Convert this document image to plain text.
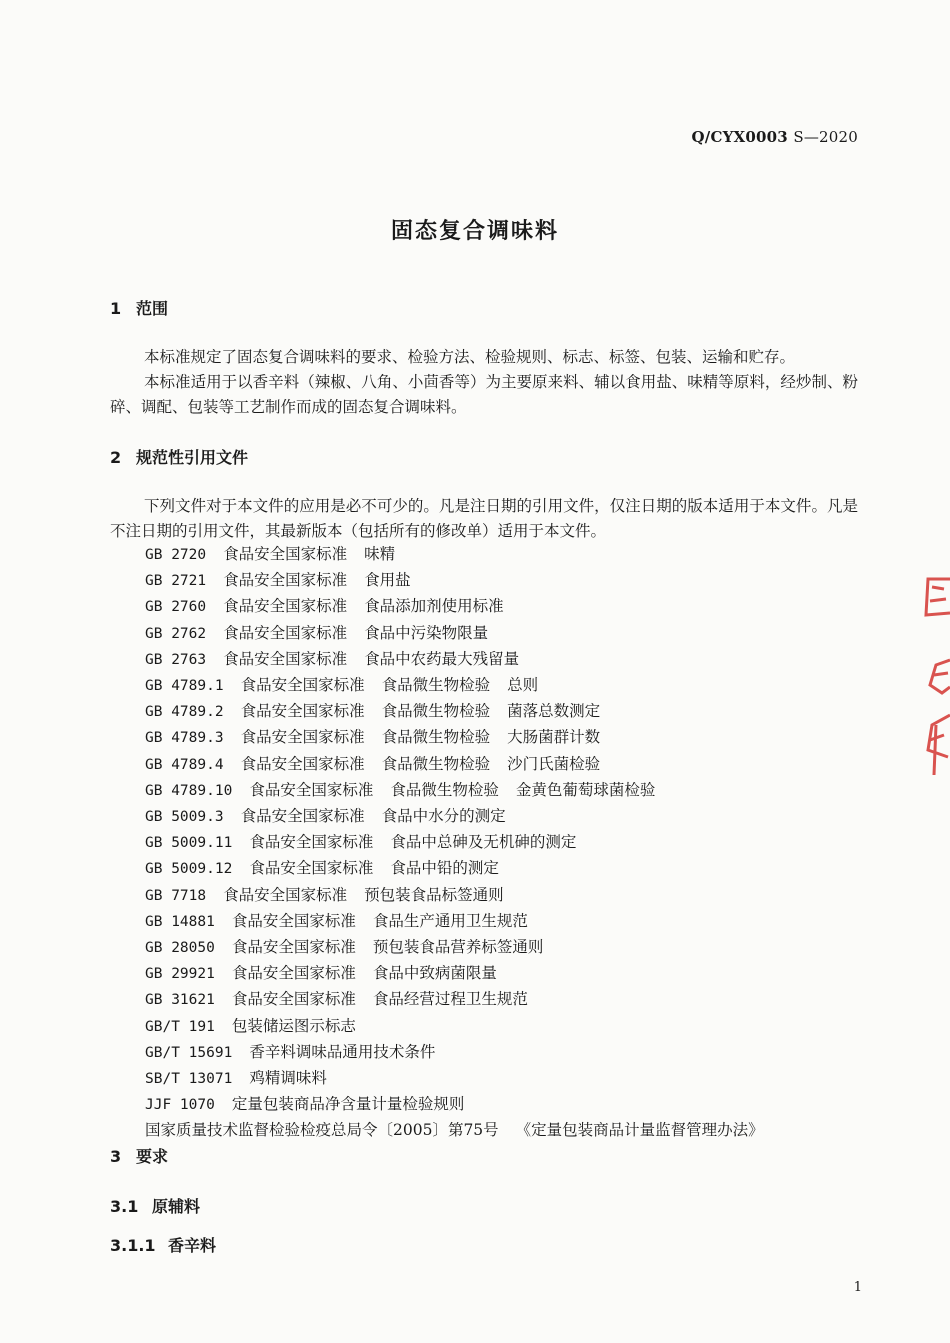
Q/CYX0003 S—2020
固态复合调味料
1 范围
本标准规定了固态复合调味料的要求、检验方法、检验规则、标志、标签、包装、运输和贮存。
本标准适用于以香辛料（辣椒、八角、小茴香等）为主要原来料、辅以食用盐、味精等原料，经炒制、粉碎、调配、包装等工艺制作而成的固态复合调味料。
2 规范性引用文件
下列文件对于本文件的应用是必不可少的。凡是注日期的引用文件，仅注日期的版本适用于本文件。凡是不注日期的引用文件，其最新版本（包括所有的修改单）适用于本文件。
GB 2720 食品安全国家标准 味精
GB 2721 食品安全国家标准 食用盐
GB 2760 食品安全国家标准 食品添加剂使用标准
GB 2762 食品安全国家标准 食品中污染物限量
GB 2763 食品安全国家标准 食品中农药最大残留量
GB 4789.1 食品安全国家标准 食品微生物检验 总则
GB 4789.2 食品安全国家标准 食品微生物检验 菌落总数测定
GB 4789.3 食品安全国家标准 食品微生物检验 大肠菌群计数
GB 4789.4 食品安全国家标准 食品微生物检验 沙门氏菌检验
GB 4789.10 食品安全国家标准 食品微生物检验 金黄色葡萄球菌检验
GB 5009.3 食品安全国家标准 食品中水分的测定
GB 5009.11 食品安全国家标准 食品中总砷及无机砷的测定
GB 5009.12 食品安全国家标准 食品中铅的测定
GB 7718 食品安全国家标准 预包装食品标签通则
GB 14881 食品安全国家标准 食品生产通用卫生规范
GB 28050 食品安全国家标准 预包装食品营养标签通则
GB 29921 食品安全国家标准 食品中致病菌限量
GB 31621 食品安全国家标准 食品经营过程卫生规范
GB/T 191 包装储运图示标志
GB/T 15691 香辛料调味品通用技术条件
SB/T 13071 鸡精调味料
JJF 1070 定量包装商品净含量计量检验规则
国家质量技术监督检验检疫总局令〔2005〕第75号 《定量包装商品计量监督管理办法》
3 要求
3.1 原辅料
3.1.1 香辛料
1
